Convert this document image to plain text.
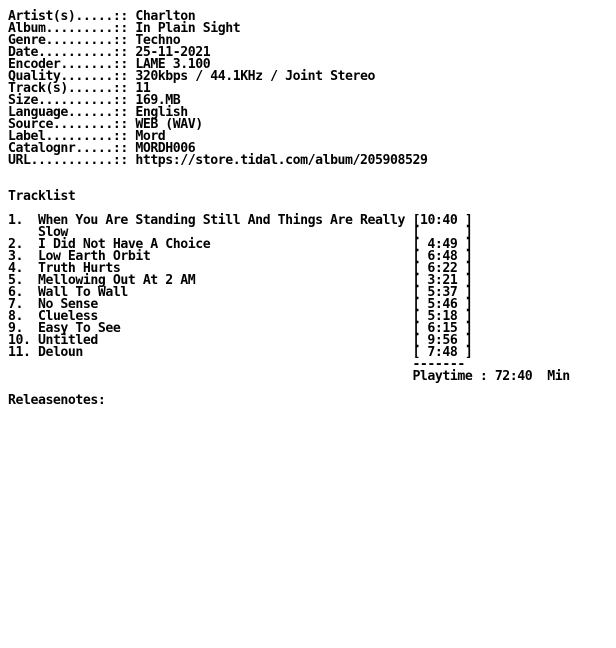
Artist(s).....:: Charlton
Album.........:: In Plain Sight
Genre.........:: Techno
Date..........:: 25-11-2021
Encoder.......:: LAME 3.100
Quality.......:: 320kbps / 44.1KHz / Joint Stereo
Track(s)......:: 11
Size..........:: 169.MB
Language......:: English
Source........:: WEB (WAV)
Label.........:: Mord
Catalognr.....:: MORDH006
URL...........:: https://store.tidal.com/album/205908529
Tracklist
1.  When You Are Standing Still And Things Are Really [10:40 ]
Slow	[      ]
2.  I Did Not Have A Choice	[ 4:49 ]
3.  Low Earth Orbit	[ 6:48 ]
4.  Truth Hurts	[ 6:22 ]
5.  Mellowing Out At 2 AM	[ 3:21 ]
6.  Wall To Wall	[ 5:37 ]
7.  No Sense	[ 5:46 ]
8.  Clueless	[ 5:18 ]
9.  Easy To See	[ 6:15 ]
10. Untitled	[ 9:56 ]
11. Deloun	[ 7:48 ]
-------
Playtime : 72:40  Min
Releasenotes:
